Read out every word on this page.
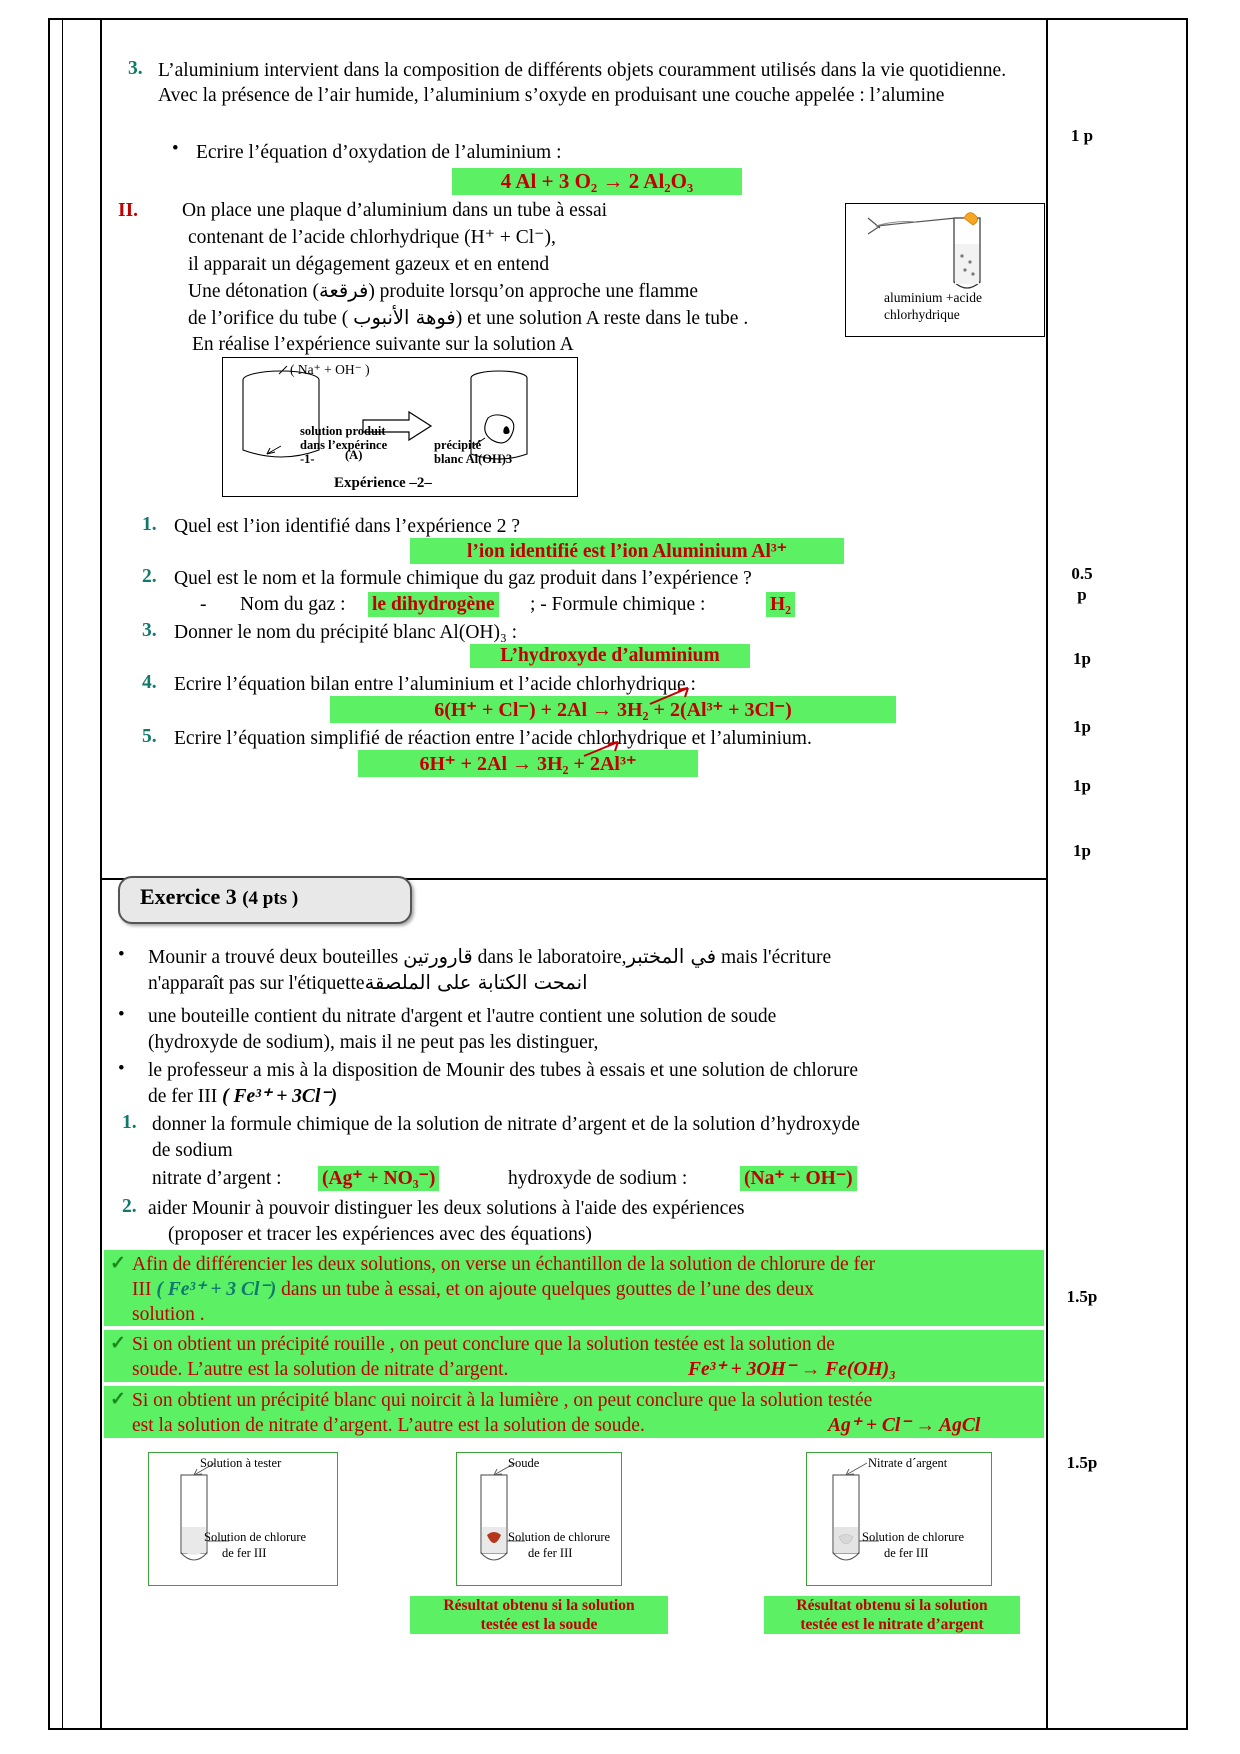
3. L’aluminium intervient dans la composition de différents objets couramment utilisés dans la vie quotidienne. Avec la présence de l’air humide, l’aluminium s’oxyde en produisant une couche appelée : l’alumine
• Ecrire l’équation d’oxydation de l’aluminium :
4 Al + 3 O₂ → 2 Al₂O₃
II. On place une plaque d’aluminium dans un tube à essai
contenant de l’acide chlorhydrique (H⁺ + Cl⁻),
il apparait un dégagement gazeux et en entend
Une détonation (فرقعة) produite lorsqu’on approche une flamme
de l’orifice du tube ( فوهة الأنبوب) et une solution A reste dans le tube .
En réalise l’expérience suivante sur la solution A
aluminium +acide
chlorhydrique
( Na⁺ + OH⁻ )
solution produit
dans l’expérince
-1- (A)
précipité
blanc Al(OH)3
Expérience –2–
1. Quel est l’ion identifié dans l’expérience 2 ?
l’ion identifié est l’ion Aluminium Al³⁺
2. Quel est le nom et la formule chimique du gaz produit dans l’expérience ?
- Nom du gaz : le dihydrogène ; - Formule chimique :	H₂
3. Donner le nom du précipité blanc Al(OH)₃ :
L’hydroxyde d’aluminium
4. Ecrire l’équation bilan entre l’aluminium et l’acide chlorhydrique :
6(H⁺ + Cl⁻) + 2Al → 3H₂ + 2(Al³⁺ + 3Cl⁻)
5. Ecrire l’équation simplifié de réaction entre l’acide chlorhydrique et l’aluminium.
6H⁺ + 2Al → 3H₂ + 2Al³⁺
Exercice 3 (4 pts )
• Mounir a trouvé deux bouteilles قارورتين dans le laboratoire,في المختبر mais l'écriture
n'apparaît pas sur l'étiquetteانمحت الكتابة على الملصقة
• une bouteille contient du nitrate d'argent et l'autre contient une solution de soude
(hydroxyde de sodium), mais il ne peut pas les distinguer,
• le professeur a mis à la disposition de Mounir des tubes à essais et une solution de chlorure
de fer III ( Fe³⁺ + 3Cl⁻)
1. donner la formule chimique de la solution de nitrate d’argent et de la solution d’hydroxyde
de sodium
nitrate d’argent : (Ag⁺ + NO₃⁻)	hydroxyde de sodium :	(Na⁺ + OH⁻)
2. aider Mounir à pouvoir distinguer les deux solutions à l'aide des expériences
(proposer et tracer les expériences avec des équations)
✓ Afin de différencier les deux solutions, on verse un échantillon de la solution de chlorure de fer
III ( Fe³⁺ + 3 Cl⁻) dans un tube à essai, et on ajoute quelques gouttes de l’une des deux
solution .
✓ Si on obtient un précipité rouille , on peut conclure que la solution testée est la solution de
soude. L’autre est la solution de nitrate d’argent.	Fe³⁺ + 3OH⁻ → Fe(OH)₃
✓ Si on obtient un précipité blanc qui noircit à la lumière , on peut conclure que la solution testée
est la solution de nitrate d’argent. L’autre est la solution de soude.	Ag⁺ + Cl⁻ → AgCl
Solution à tester
Solution de chlorure
de fer III
Soude
Solution de chlorure
de fer III
Nitrate d´argent
Solution de chlorure
de fer III
Résultat obtenu si la solution
testée est la soude
Résultat obtenu si la solution
testée est le nitrate d’argent
1 p
0.5
p
1p
1p
1p
1p
1.5p
1.5p
